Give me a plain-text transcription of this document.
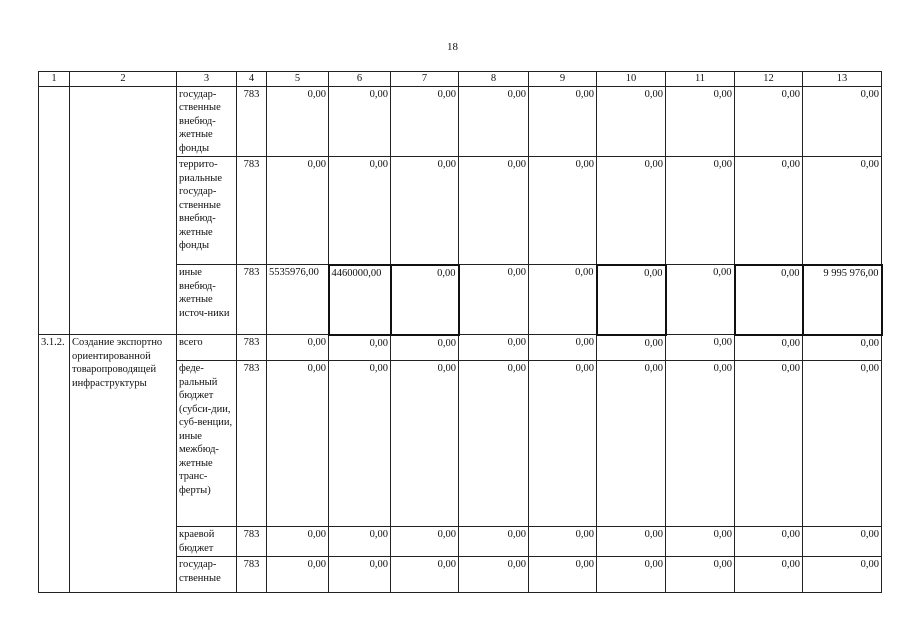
18
1	2	3	4	5	6	7	8	9	10	11	12	13
		государ-ственные внебюд-жетные фонды	783	0,00	0,00	0,00	0,00	0,00	0,00	0,00	0,00	0,00
		террито-риальные государ-ственные внебюд-жетные фонды	783	0,00	0,00	0,00	0,00	0,00	0,00	0,00	0,00	0,00
		иные внебюд-жетные источ-ники	783	5535976,00	4460000,00	0,00	0,00	0,00	0,00	0,00	0,00	9 995 976,00
3.1.2.	Создание экспортно ориентированной товаропроводящей инфраструктуры	всего	783	0,00	0,00	0,00	0,00	0,00	0,00	0,00	0,00	0,00
		феде-ральный бюджет (субси-дии, суб-венции, иные межбюд-жетные транс-ферты)	783	0,00	0,00	0,00	0,00	0,00	0,00	0,00	0,00	0,00
		краевой бюджет	783	0,00	0,00	0,00	0,00	0,00	0,00	0,00	0,00	0,00
		государ-ственные	783	0,00	0,00	0,00	0,00	0,00	0,00	0,00	0,00	0,00
